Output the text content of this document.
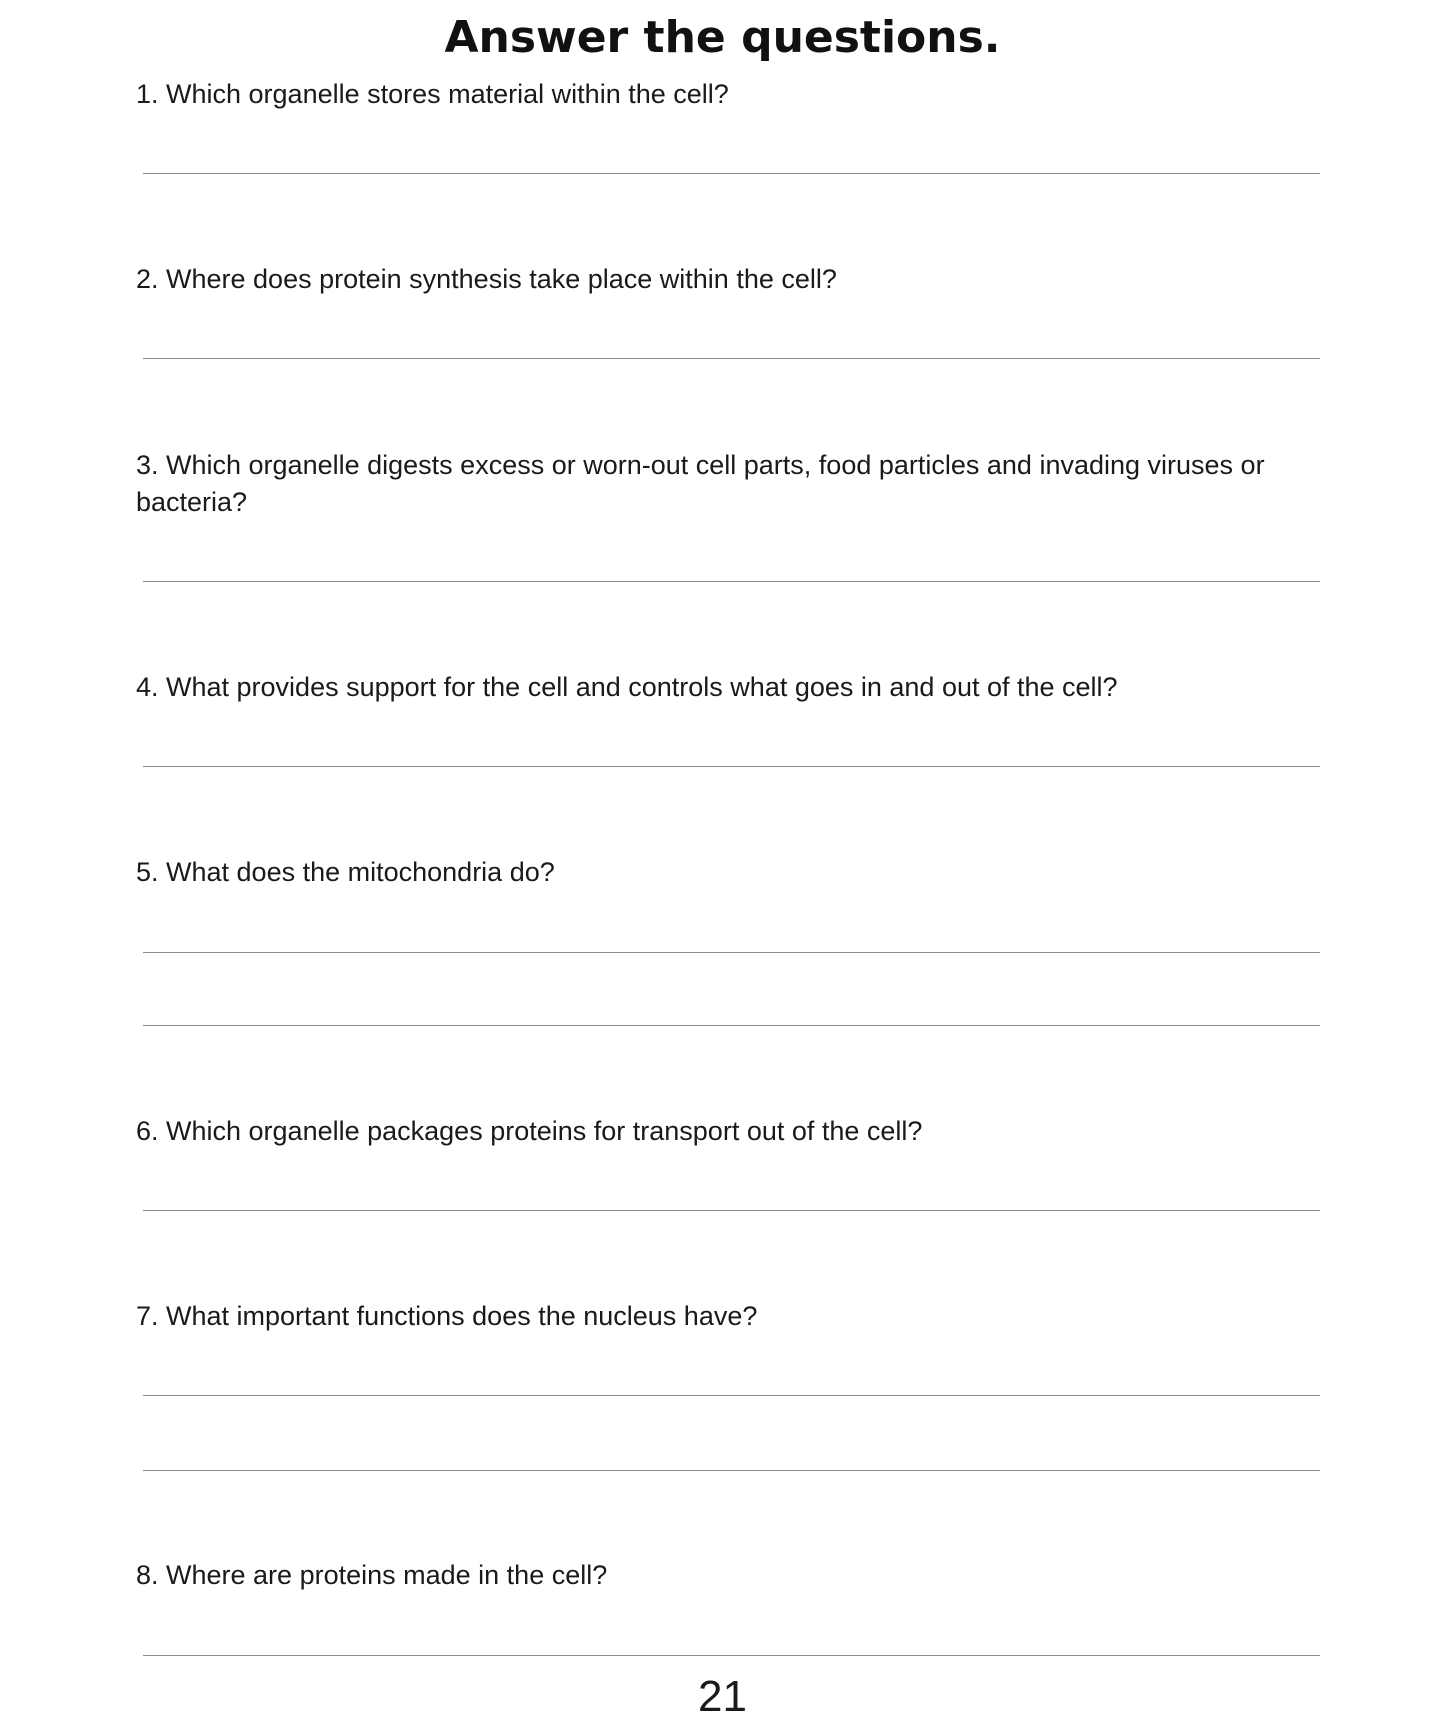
Answer the questions.

1. Which organelle stores material within the cell?

2. Where does protein synthesis take place within the cell?

3. Which organelle digests excess or worn-out cell parts, food particles and invading viruses or bacteria?

4. What provides support for the cell and controls what goes in and out of the cell?

5. What does the mitochondria do?

6. Which organelle packages proteins for transport out of the cell?

7. What important functions does the nucleus have?

8. Where are proteins made in the cell?

21
